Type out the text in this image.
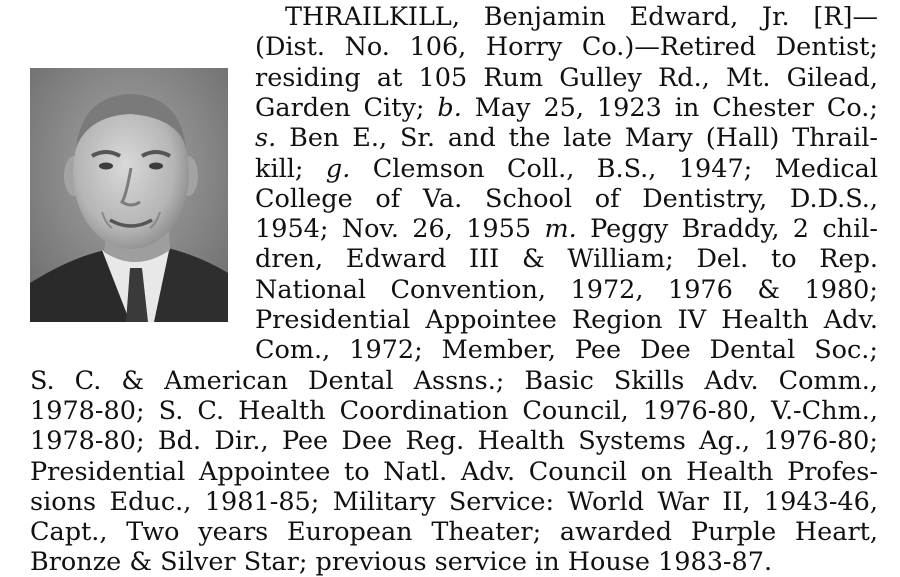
THRAILKILL, Benjamin Edward, Jr. [R]—
(Dist. No. 106, Horry Co.)—Retired Dentist;
residing at 105 Rum Gulley Rd., Mt. Gilead,
Garden City; b. May 25, 1923 in Chester Co.;
s. Ben E., Sr. and the late Mary (Hall) Thrail-
kill; g. Clemson Coll., B.S., 1947; Medical
College of Va. School of Dentistry, D.D.S.,
1954; Nov. 26, 1955 m. Peggy Braddy, 2 chil-
dren, Edward III & William; Del. to Rep.
National Convention, 1972, 1976 & 1980;
Presidential Appointee Region IV Health Adv.
Com., 1972; Member, Pee Dee Dental Soc.;
S. C. & American Dental Assns.; Basic Skills Adv. Comm.,
1978-80; S. C. Health Coordination Council, 1976-80, V.-Chm.,
1978-80; Bd. Dir., Pee Dee Reg. Health Systems Ag., 1976-80;
Presidential Appointee to Natl. Adv. Council on Health Profes-
sions Educ., 1981-85; Military Service: World War II, 1943-46,
Capt., Two years European Theater; awarded Purple Heart,
Bronze & Silver Star; previous service in House 1983-87.
